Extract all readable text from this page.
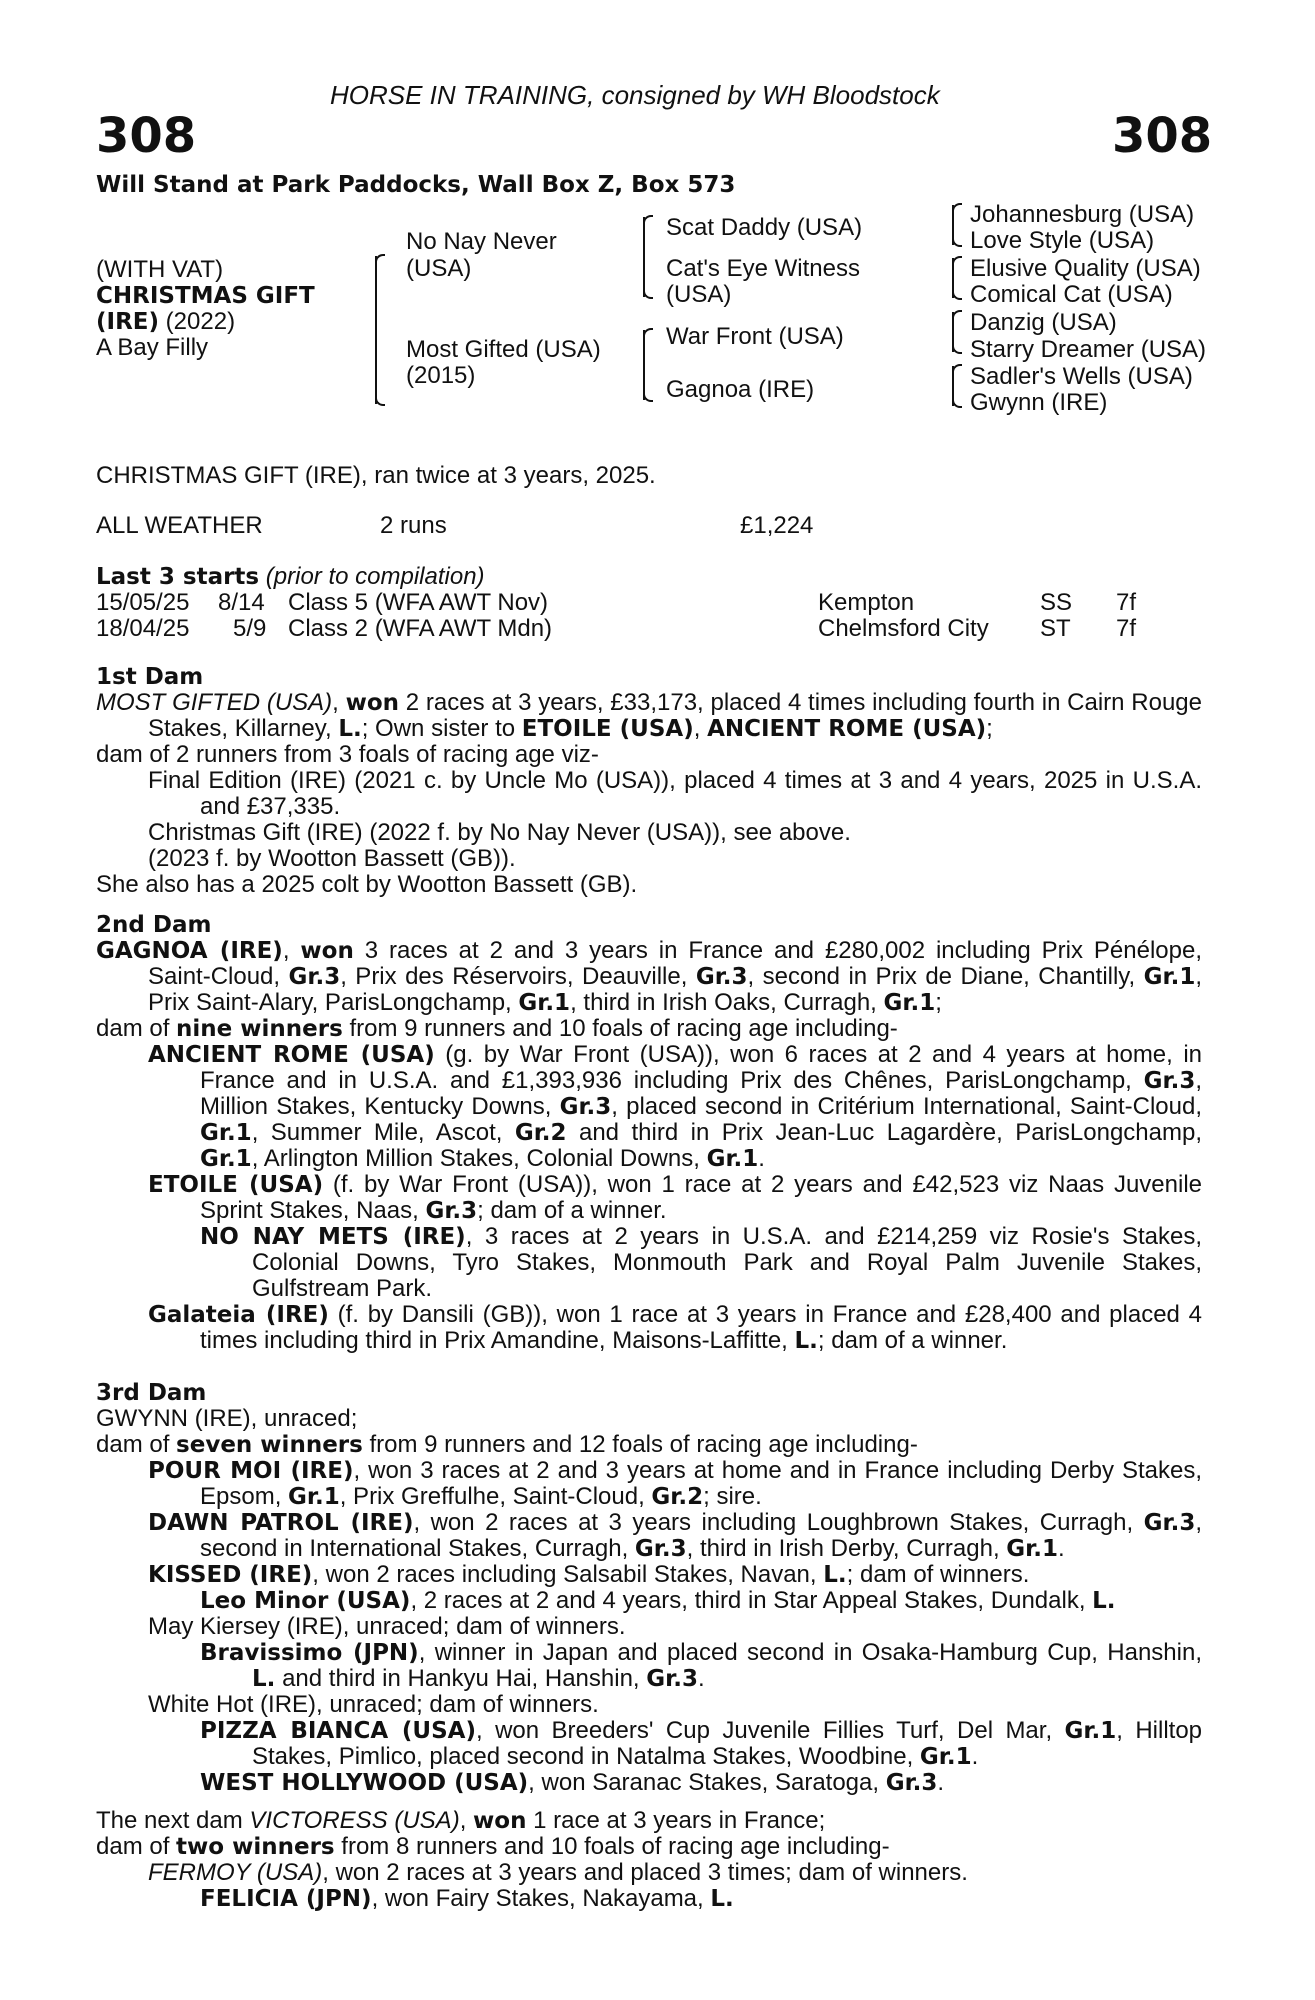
HORSE IN TRAINING, consigned by WH Bloodstock
308	308
Will Stand at Park Paddocks, Wall Box Z, Box 573
(WITH VAT)
CHRISTMAS GIFT
(IRE) (2022)
A Bay Filly
No Nay Never
(USA)
Most Gifted (USA)
(2015)
Scat Daddy (USA)
Cat's Eye Witness
(USA)
War Front (USA)
Gagnoa (IRE)
Johannesburg (USA)
Love Style (USA)
Elusive Quality (USA)
Comical Cat (USA)
Danzig (USA)
Starry Dreamer (USA)
Sadler's Wells (USA)
Gwynn (IRE)
CHRISTMAS GIFT (IRE), ran twice at 3 years, 2025.
ALL WEATHER	2 runs	£1,224
Last 3 starts (prior to compilation)
15/05/25 8/14 Class 5 (WFA AWT Nov)	Kempton	SS 7f
18/04/25 5/9 Class 2 (WFA AWT Mdn)	Chelmsford City ST 7f

1st Dam

MOST GIFTED (USA), won 2 races at 3 years, £33,173, placed 4 times including fourth in Cairn Rouge Stakes, Killarney, L.; Own sister to ETOILE (USA), ANCIENT ROME (USA);

dam of 2 runners from 3 foals of racing age viz-

Final Edition (IRE) (2021 c. by Uncle Mo (USA)), placed 4 times at 3 and 4 years, 2025 in U.S.A. and £37,335.

Christmas Gift (IRE) (2022 f. by No Nay Never (USA)), see above.

(2023 f. by Wootton Bassett (GB)).

She also has a 2025 colt by Wootton Bassett (GB).

2nd Dam

GAGNOA (IRE), won 3 races at 2 and 3 years in France and £280,002 including Prix Pénélope, Saint-Cloud, Gr.3, Prix des Réservoirs, Deauville, Gr.3, second in Prix de Diane, Chantilly, Gr.1, Prix Saint-Alary, ParisLongchamp, Gr.1, third in Irish Oaks, Curragh, Gr.1;

dam of nine winners from 9 runners and 10 foals of racing age including-

ANCIENT ROME (USA) (g. by War Front (USA)), won 6 races at 2 and 4 years at home, in France and in U.S.A. and £1,393,936 including Prix des Chênes, ParisLongchamp, Gr.3, Million Stakes, Kentucky Downs, Gr.3, placed second in Critérium International, Saint-Cloud, Gr.1, Summer Mile, Ascot, Gr.2 and third in Prix Jean-Luc Lagardère, ParisLongchamp, Gr.1, Arlington Million Stakes, Colonial Downs, Gr.1.

ETOILE (USA) (f. by War Front (USA)), won 1 race at 2 years and £42,523 viz Naas Juvenile Sprint Stakes, Naas, Gr.3; dam of a winner.

NO NAY METS (IRE), 3 races at 2 years in U.S.A. and £214,259 viz Rosie's Stakes, Colonial Downs, Tyro Stakes, Monmouth Park and Royal Palm Juvenile Stakes, Gulfstream Park.

Galateia (IRE) (f. by Dansili (GB)), won 1 race at 3 years in France and £28,400 and placed 4 times including third in Prix Amandine, Maisons-Laffitte, L.; dam of a winner.

3rd Dam

GWYNN (IRE), unraced;

dam of seven winners from 9 runners and 12 foals of racing age including-

POUR MOI (IRE), won 3 races at 2 and 3 years at home and in France including Derby Stakes, Epsom, Gr.1, Prix Greffulhe, Saint-Cloud, Gr.2; sire.

DAWN PATROL (IRE), won 2 races at 3 years including Loughbrown Stakes, Curragh, Gr.3, second in International Stakes, Curragh, Gr.3, third in Irish Derby, Curragh, Gr.1.

KISSED (IRE), won 2 races including Salsabil Stakes, Navan, L.; dam of winners.

Leo Minor (USA), 2 races at 2 and 4 years, third in Star Appeal Stakes, Dundalk, L.

May Kiersey (IRE), unraced; dam of winners.

Bravissimo (JPN), winner in Japan and placed second in Osaka-Hamburg Cup, Hanshin, L. and third in Hankyu Hai, Hanshin, Gr.3.

White Hot (IRE), unraced; dam of winners.

PIZZA BIANCA (USA), won Breeders' Cup Juvenile Fillies Turf, Del Mar, Gr.1, Hilltop Stakes, Pimlico, placed second in Natalma Stakes, Woodbine, Gr.1.

WEST HOLLYWOOD (USA), won Saranac Stakes, Saratoga, Gr.3.

The next dam VICTORESS (USA), won 1 race at 3 years in France;

dam of two winners from 8 runners and 10 foals of racing age including-

FERMOY (USA), won 2 races at 3 years and placed 3 times; dam of winners.

FELICIA (JPN), won Fairy Stakes, Nakayama, L.
